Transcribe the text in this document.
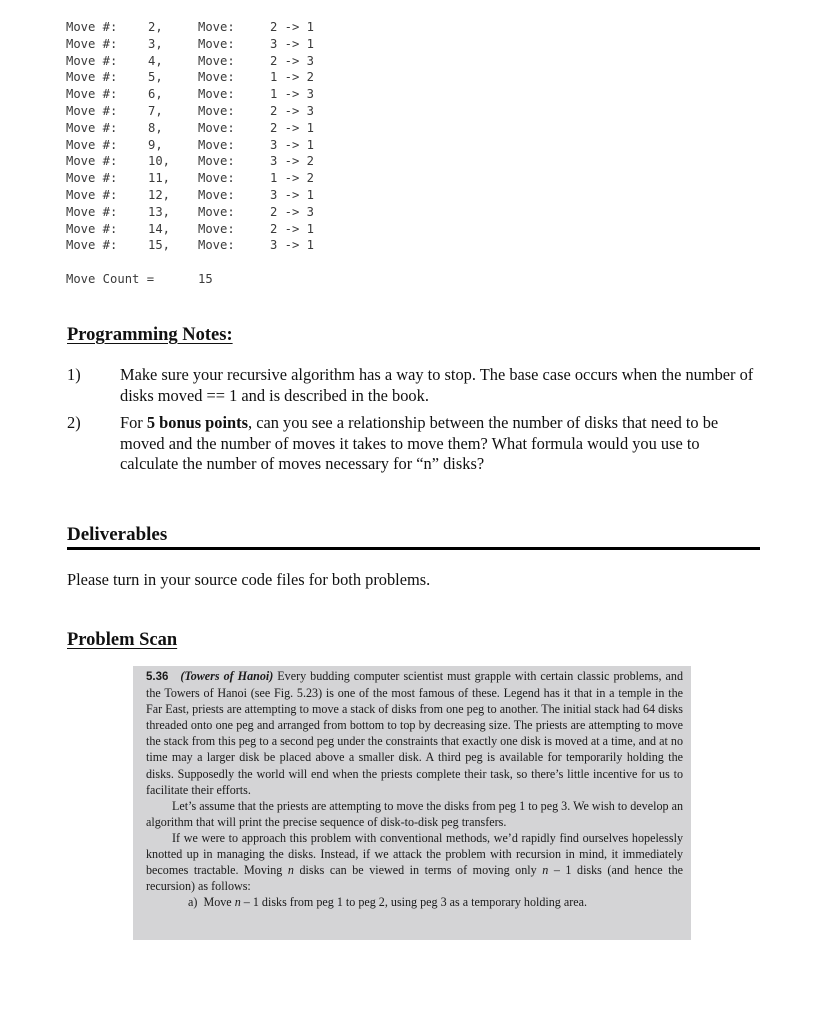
Move #:	2,	Move:	2 -> 1
Move #:	3,	Move:	3 -> 1
Move #:	4,	Move:	2 -> 3
Move #:	5,	Move:	1 -> 2
Move #:	6,	Move:	1 -> 3
Move #:	7,	Move:	2 -> 3
Move #:	8,	Move:	2 -> 1
Move #:	9,	Move:	3 -> 1
Move #:	10,	Move:	3 -> 2
Move #:	11,	Move:	1 -> 2
Move #:	12,	Move:	3 -> 1
Move #:	13,	Move:	2 -> 3
Move #:	14,	Move:	2 -> 1
Move #:	15,	Move:	3 -> 1
Move Count =	15
Programming Notes:
1)	Make sure your recursive algorithm has a way to stop. The base case occurs when the number of disks moved == 1 and is described in the book.
2)	For 5 bonus points, can you see a relationship between the number of disks that need to be moved and the number of moves it takes to move them? What formula would you use to calculate the number of moves necessary for “n” disks?
Deliverables
Please turn in your source code files for both problems.
Problem Scan

5.36 (Towers of Hanoi) Every budding computer scientist must grapple with certain classic problems, and the Towers of Hanoi (see Fig. 5.23) is one of the most famous of these. Legend has it that in a temple in the Far East, priests are attempting to move a stack of disks from one peg to another. The initial stack had 64 disks threaded onto one peg and arranged from bottom to top by decreasing size. The priests are attempting to move the stack from this peg to a second peg under the constraints that exactly one disk is moved at a time, and at no time may a larger disk be placed above a smaller disk. A third peg is available for temporarily holding the disks. Supposedly the world will end when the priests complete their task, so there’s little incentive for us to facilitate their efforts.

Let’s assume that the priests are attempting to move the disks from peg 1 to peg 3. We wish to develop an algorithm that will print the precise sequence of disk-to-disk peg transfers.

If we were to approach this problem with conventional methods, we’d rapidly find ourselves hopelessly knotted up in managing the disks. Instead, if we attack the problem with recursion in mind, it immediately becomes tractable. Moving n disks can be viewed in terms of moving only n – 1 disks (and hence the recursion) as follows:

a) Move n – 1 disks from peg 1 to peg 2, using peg 3 as a temporary holding area.
